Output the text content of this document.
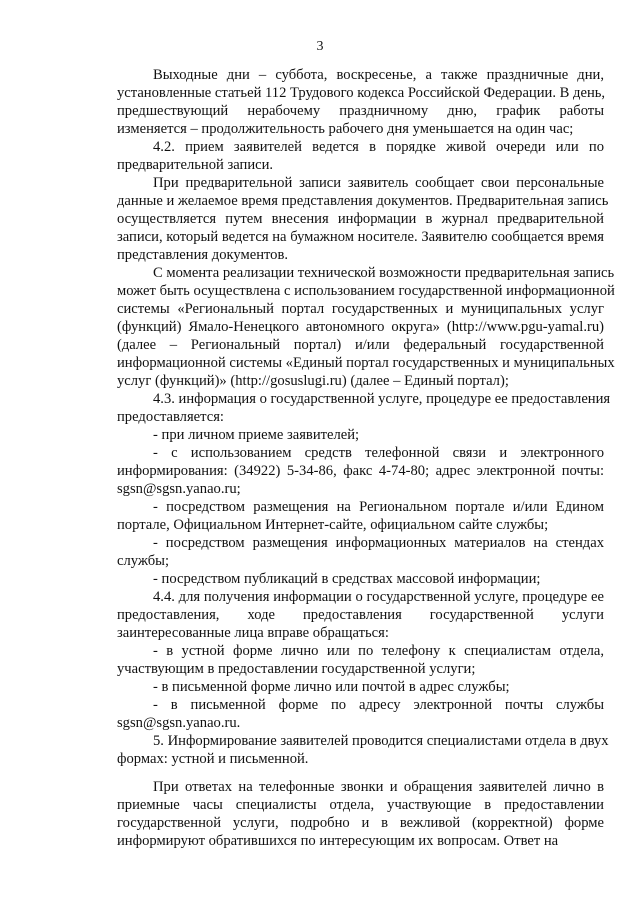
3
Выходные дни – суббота, воскресенье, а также праздничные дни,
установленные статьей 112 Трудового кодекса Российской Федерации. В день,
предшествующий нерабочему праздничному дню, график работы
изменяется – продолжительность рабочего дня уменьшается на один час;
4.2. прием заявителей ведется в порядке живой очереди или по
предварительной записи.
При предварительной записи заявитель сообщает свои персональные
данные и желаемое время представления документов. Предварительная запись
осуществляется путем внесения информации в журнал предварительной
записи, который ведется на бумажном носителе. Заявителю сообщается время
представления документов.
С момента реализации технической возможности предварительная запись
может быть осуществлена с использованием государственной информационной
системы «Региональный портал государственных и муниципальных услуг
(функций) Ямало-Ненецкого автономного округа» (http://www.pgu-yamal.ru)
(далее – Региональный портал) и/или федеральный государственной
информационной системы «Единый портал государственных и муниципальных
услуг (функций)» (http://gosuslugi.ru) (далее – Единый портал);
4.3. информация о государственной услуге, процедуре ее предоставления
предоставляется:
- при личном приеме заявителей;
- с использованием средств телефонной связи и электронного
информирования: (34922) 5-34-86, факс 4-74-80; адрес электронной почты:
sgsn@sgsn.yanao.ru;
- посредством размещения на Региональном портале и/или Едином
портале, Официальном Интернет-сайте, официальном сайте службы;
- посредством размещения информационных материалов на стендах
службы;
- посредством публикаций в средствах массовой информации;
4.4. для получения информации о государственной услуге, процедуре ее
предоставления, ходе предоставления государственной услуги
заинтересованные лица вправе обращаться:
- в устной форме лично или по телефону к специалистам отдела,
участвующим в предоставлении государственной услуги;
- в письменной форме лично или почтой в адрес службы;
- в письменной форме по адресу электронной почты службы
sgsn@sgsn.yanao.ru.
5. Информирование заявителей проводится специалистами отдела в двух
формах: устной и письменной.
При ответах на телефонные звонки и обращения заявителей лично в
приемные часы специалисты отдела, участвующие в предоставлении
государственной услуги, подробно и в вежливой (корректной) форме
информируют обратившихся по интересующим их вопросам. Ответ на
